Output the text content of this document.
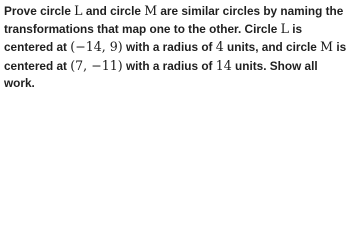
Prove circle L and circle M are similar circles by naming the
transformations that map one to the other. Circle L is
centered at (−14, 9) with a radius of 4 units, and circle M is
centered at (7, −11) with a radius of 14 units. Show all
work.
